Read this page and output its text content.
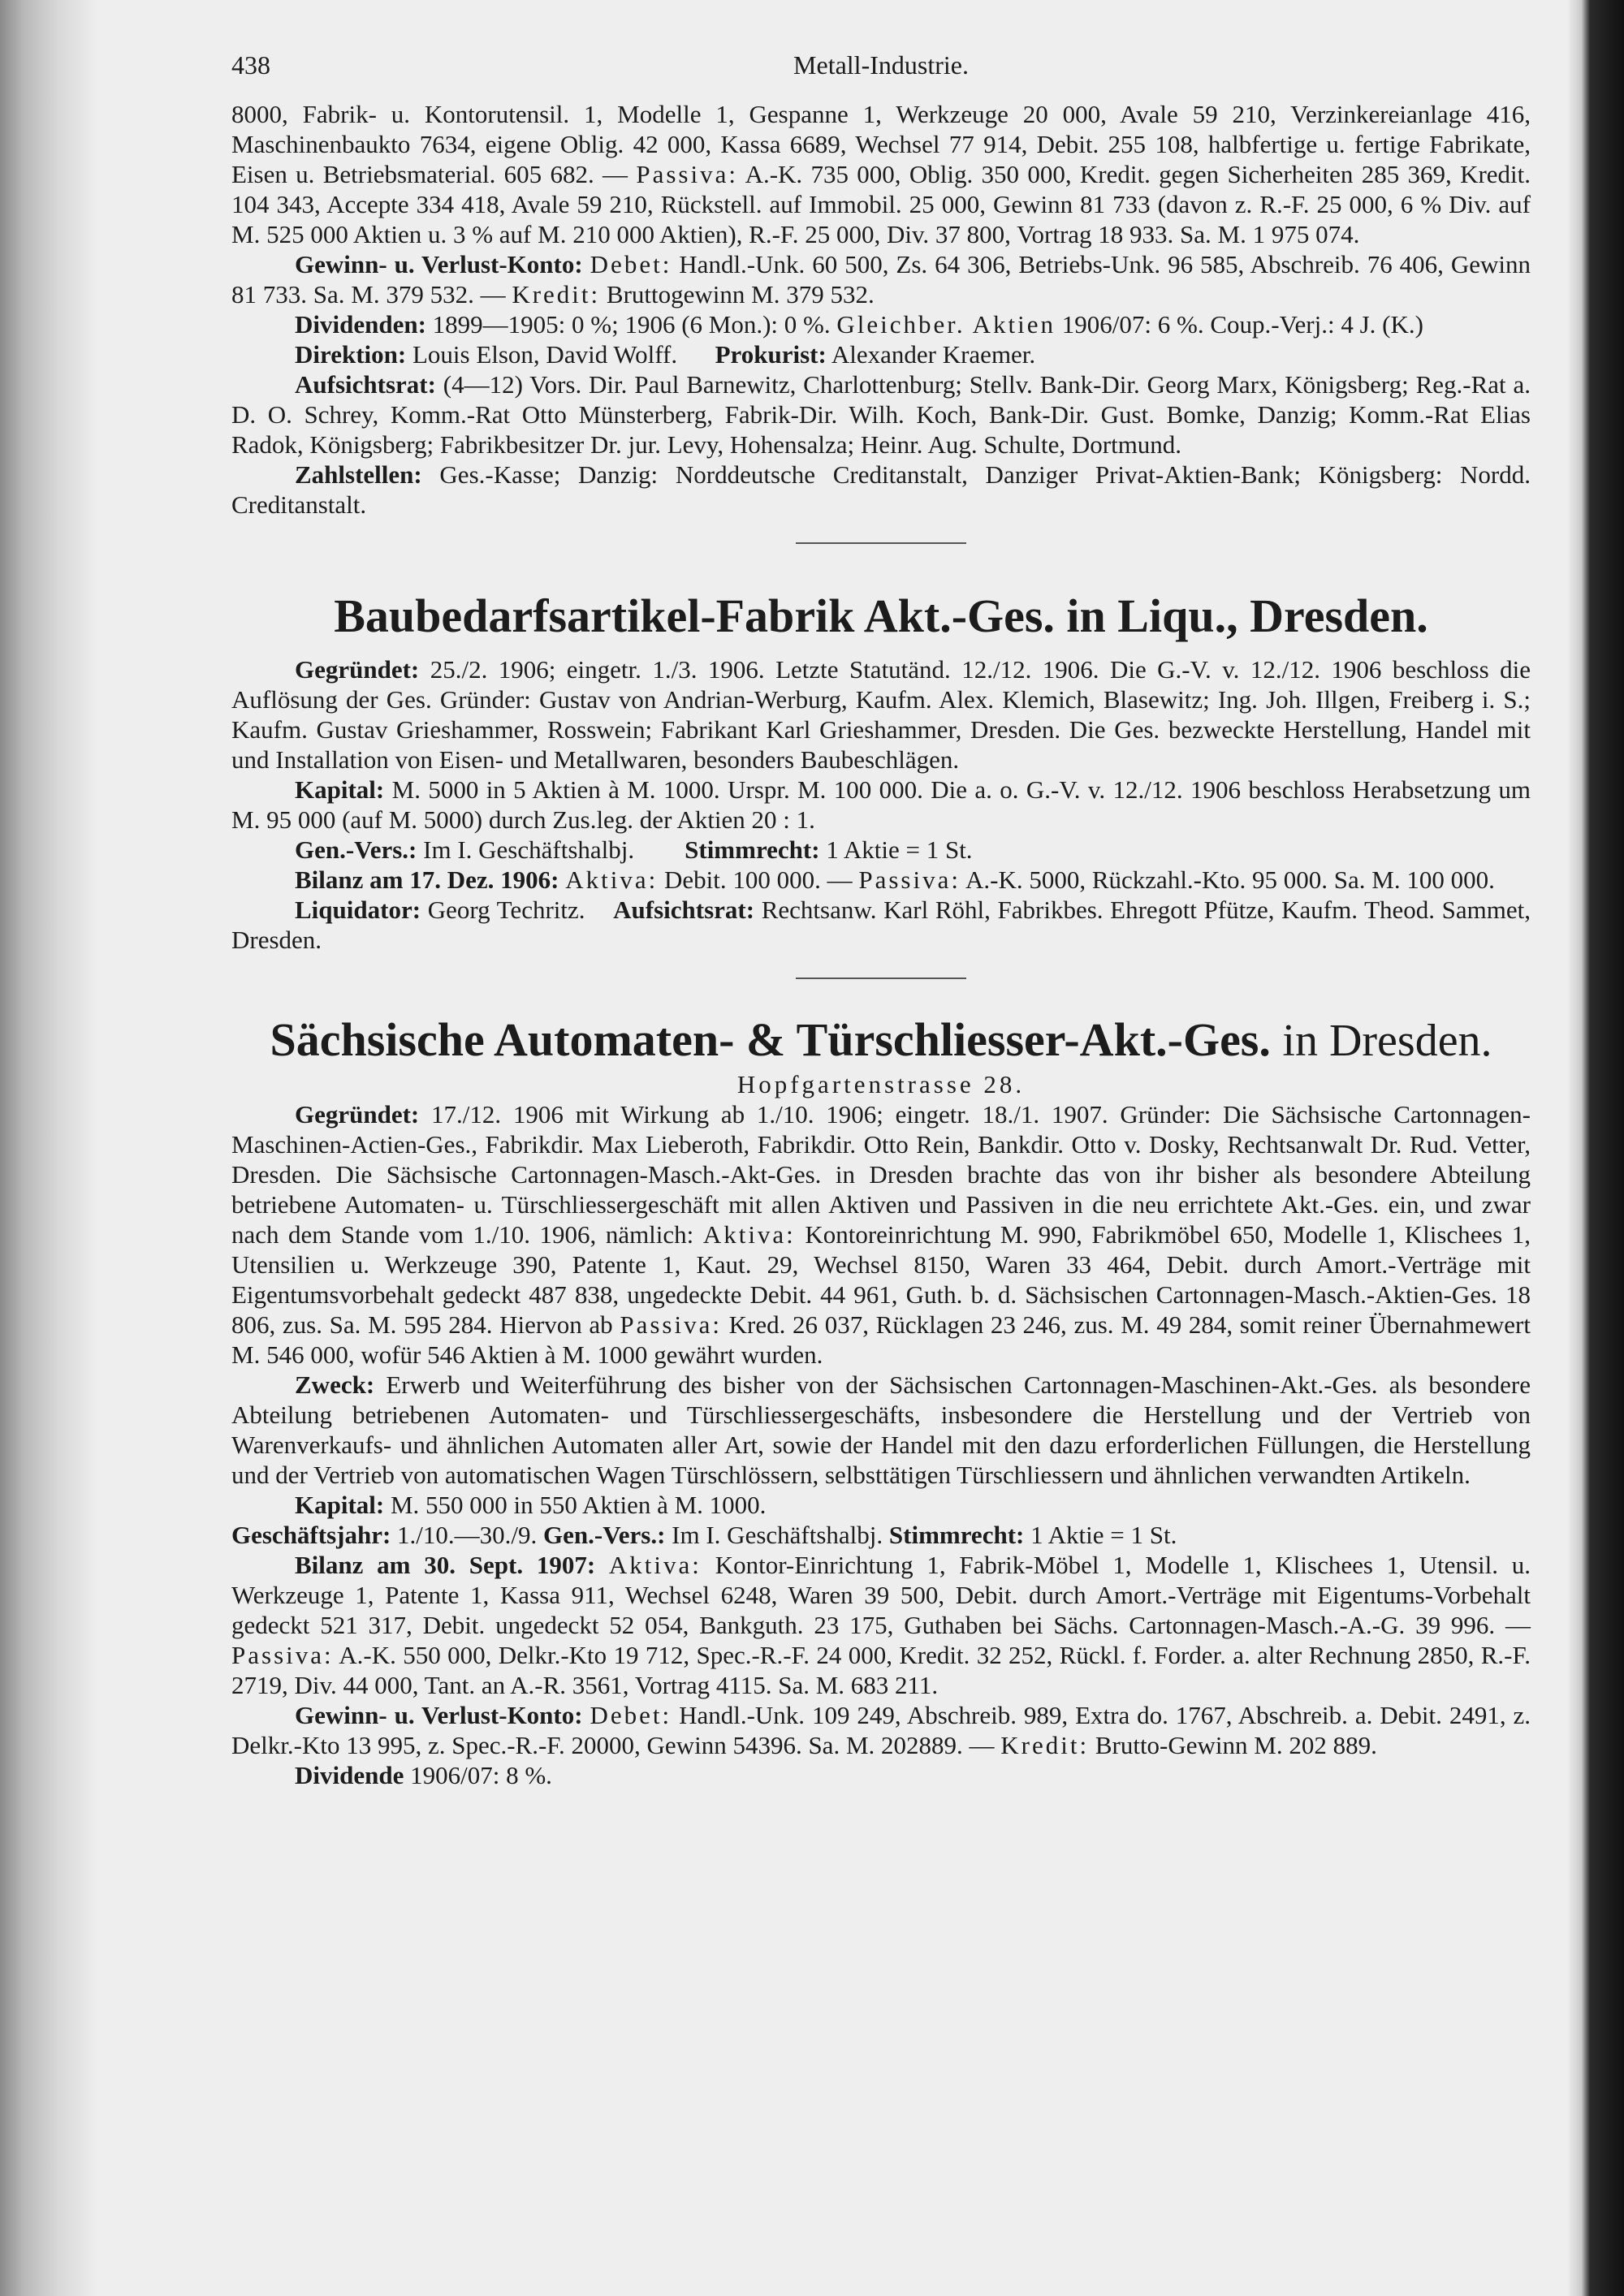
438	Metall-Industrie.

8000, Fabrik- u. Kontorutensil. 1, Modelle 1, Gespanne 1, Werkzeuge 20 000, Avale 59 210, Verzinkereianlage 416, Maschinenbaukto 7634, eigene Oblig. 42 000, Kassa 6689, Wechsel 77 914, Debit. 255 108, halbfertige u. fertige Fabrikate, Eisen u. Betriebsmaterial. 605 682. — Passiva: A.-K. 735 000, Oblig. 350 000, Kredit. gegen Sicherheiten 285 369, Kredit. 104 343, Accepte 334 418, Avale 59 210, Rückstell. auf Immobil. 25 000, Gewinn 81 733 (davon z. R.-F. 25 000, 6 % Div. auf M. 525 000 Aktien u. 3 % auf M. 210 000 Aktien), R.-F. 25 000, Div. 37 800, Vortrag 18 933. Sa. M. 1 975 074.

Gewinn- u. Verlust-Konto: Debet: Handl.-Unk. 60 500, Zs. 64 306, Betriebs-Unk. 96 585, Abschreib. 76 406, Gewinn 81 733. Sa. M. 379 532. — Kredit: Bruttogewinn M. 379 532.

Dividenden: 1899—1905: 0 %; 1906 (6 Mon.): 0 %. Gleichber. Aktien 1906/07: 6 %. Coup.-Verj.: 4 J. (K.)

Direktion: Louis Elson, David Wolff. Prokurist: Alexander Kraemer.

Aufsichtsrat: (4—12) Vors. Dir. Paul Barnewitz, Charlottenburg; Stellv. Bank-Dir. Georg Marx, Königsberg; Reg.-Rat a. D. O. Schrey, Komm.-Rat Otto Münsterberg, Fabrik-Dir. Wilh. Koch, Bank-Dir. Gust. Bomke, Danzig; Komm.-Rat Elias Radok, Königsberg; Fabrikbesitzer Dr. jur. Levy, Hohensalza; Heinr. Aug. Schulte, Dortmund.

Zahlstellen: Ges.-Kasse; Danzig: Norddeutsche Creditanstalt, Danziger Privat-Aktien-Bank; Königsberg: Nordd. Creditanstalt.

Baubedarfsartikel-Fabrik Akt.-Ges. in Liqu., Dresden.

Gegründet: 25./2. 1906; eingetr. 1./3. 1906. Letzte Statutänd. 12./12. 1906. Die G.-V. v. 12./12. 1906 beschloss die Auflösung der Ges. Gründer: Gustav von Andrian-Werburg, Kaufm. Alex. Klemich, Blasewitz; Ing. Joh. Illgen, Freiberg i. S.; Kaufm. Gustav Grieshammer, Rosswein; Fabrikant Karl Grieshammer, Dresden. Die Ges. bezweckte Herstellung, Handel mit und Installation von Eisen- und Metallwaren, besonders Baubeschlägen.

Kapital: M. 5000 in 5 Aktien à M. 1000. Urspr. M. 100 000. Die a. o. G.-V. v. 12./12. 1906 beschloss Herabsetzung um M. 95 000 (auf M. 5000) durch Zus.leg. der Aktien 20 : 1.

Gen.-Vers.: Im I. Geschäftshalbj. Stimmrecht: 1 Aktie = 1 St.

Bilanz am 17. Dez. 1906: Aktiva: Debit. 100 000. — Passiva: A.-K. 5000, Rückzahl.-Kto. 95 000. Sa. M. 100 000.

Liquidator: Georg Techritz. Aufsichtsrat: Rechtsanw. Karl Röhl, Fabrikbes. Ehregott Pfütze, Kaufm. Theod. Sammet, Dresden.

Sächsische Automaten- & Türschliesser-Akt.-Ges. in Dresden.
Hopfgartenstrasse 28.

Gegründet: 17./12. 1906 mit Wirkung ab 1./10. 1906; eingetr. 18./1. 1907. Gründer: Die Sächsische Cartonnagen-Maschinen-Actien-Ges., Fabrikdir. Max Lieberoth, Fabrikdir. Otto Rein, Bankdir. Otto v. Dosky, Rechtsanwalt Dr. Rud. Vetter, Dresden. Die Sächsische Cartonnagen-Masch.-Akt-Ges. in Dresden brachte das von ihr bisher als besondere Abteilung betriebene Automaten- u. Türschliessergeschäft mit allen Aktiven und Passiven in die neu errichtete Akt.-Ges. ein, und zwar nach dem Stande vom 1./10. 1906, nämlich: Aktiva: Kontoreinrichtung M. 990, Fabrikmöbel 650, Modelle 1, Klischees 1, Utensilien u. Werkzeuge 390, Patente 1, Kaut. 29, Wechsel 8150, Waren 33 464, Debit. durch Amort.-Verträge mit Eigentumsvorbehalt gedeckt 487 838, ungedeckte Debit. 44 961, Guth. b. d. Sächsischen Cartonnagen-Masch.-Aktien-Ges. 18 806, zus. Sa. M. 595 284. Hiervon ab Passiva: Kred. 26 037, Rücklagen 23 246, zus. M. 49 284, somit reiner Übernahmewert M. 546 000, wofür 546 Aktien à M. 1000 gewährt wurden.

Zweck: Erwerb und Weiterführung des bisher von der Sächsischen Cartonnagen-Maschinen-Akt.-Ges. als besondere Abteilung betriebenen Automaten- und Türschliessergeschäfts, insbesondere die Herstellung und der Vertrieb von Warenverkaufs- und ähnlichen Automaten aller Art, sowie der Handel mit den dazu erforderlichen Füllungen, die Herstellung und der Vertrieb von automatischen Wagen Türschlössern, selbsttätigen Türschliessern und ähnlichen verwandten Artikeln.

Kapital: M. 550 000 in 550 Aktien à M. 1000.

Geschäftsjahr: 1./10.—30./9. Gen.-Vers.: Im I. Geschäftshalbj. Stimmrecht: 1 Aktie = 1 St.

Bilanz am 30. Sept. 1907: Aktiva: Kontor-Einrichtung 1, Fabrik-Möbel 1, Modelle 1, Klischees 1, Utensil. u. Werkzeuge 1, Patente 1, Kassa 911, Wechsel 6248, Waren 39 500, Debit. durch Amort.-Verträge mit Eigentums-Vorbehalt gedeckt 521 317, Debit. ungedeckt 52 054, Bankguth. 23 175, Guthaben bei Sächs. Cartonnagen-Masch.-A.-G. 39 996. — Passiva: A.-K. 550 000, Delkr.-Kto 19 712, Spec.-R.-F. 24 000, Kredit. 32 252, Rückl. f. Forder. a. alter Rechnung 2850, R.-F. 2719, Div. 44 000, Tant. an A.-R. 3561, Vortrag 4115. Sa. M. 683 211.

Gewinn- u. Verlust-Konto: Debet: Handl.-Unk. 109 249, Abschreib. 989, Extra do. 1767, Abschreib. a. Debit. 2491, z. Delkr.-Kto 13 995, z. Spec.-R.-F. 20000, Gewinn 54396. Sa. M. 202889. — Kredit: Brutto-Gewinn M. 202 889.

Dividende 1906/07: 8 %.
